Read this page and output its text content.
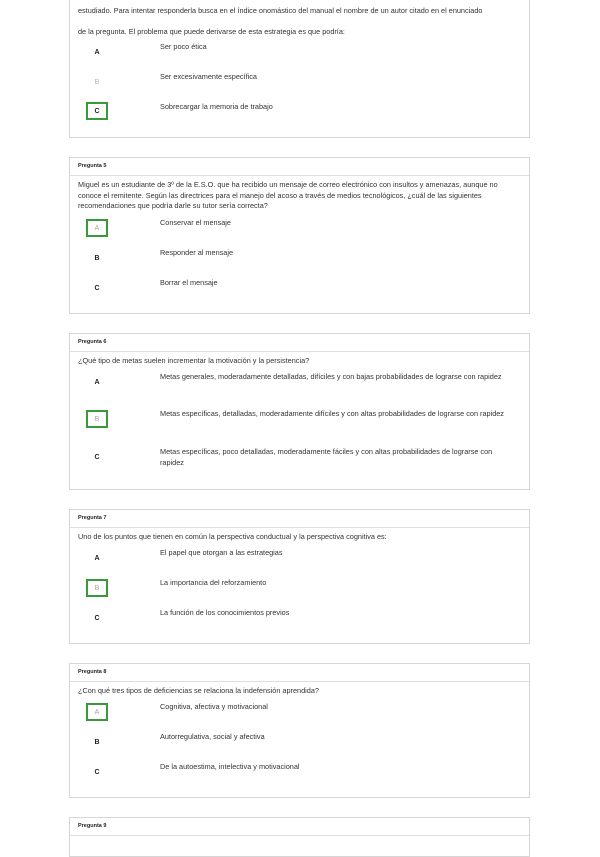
estudiado. Para intentar responderla busca en el índice onomástico del manual el nombre de un autor citado en el enunciado
de la pregunta. El problema que puede derivarse de esta estrategia es que podría:
A
Ser poco ética
B
Ser excesivamente específica
C	Sobrecargar la memoria de trabajo
Pregunta 5
Miguel es un estudiante de 3º de la E.S.O. que ha recibido un mensaje de correo electrónico con insultos y amenazas, aunque no conoce el remitente. Según las directrices para el manejo del acoso a través de medios tecnológicos, ¿cuál de las siguientes recomendaciones que podría darle su tutor sería correcta?
A
Conservar el mensaje
B
Responder al mensaje
C
Borrar el mensaje
Pregunta 6
¿Qué tipo de metas suelen incrementar la motivación y la persistencia?
A
Metas generales, moderadamente detalladas, difíciles y con bajas probabilidades de lograrse con rapidez
B
Metas específicas, detalladas, moderadamente difíciles y con altas probabilidades de lograrse con rapidez
C
Metas específicas, poco detalladas, moderadamente fáciles y con altas probabilidades de lograrse con rapidez
Pregunta 7
Uno de los puntos que tienen en común la perspectiva conductual y la perspectiva cognitiva es:
A
El papel que otorgan a las estrategias
B
La importancia del reforzamiento
C
La función de los conocimientos previos
Pregunta 8
¿Con qué tres tipos de deficiencias se relaciona la indefensión aprendida?
A
Cognitiva, afectiva y motivacional
B
Autorregulativa, social y afectiva
C
De la autoestima, intelectiva y motivacional
Pregunta 9
